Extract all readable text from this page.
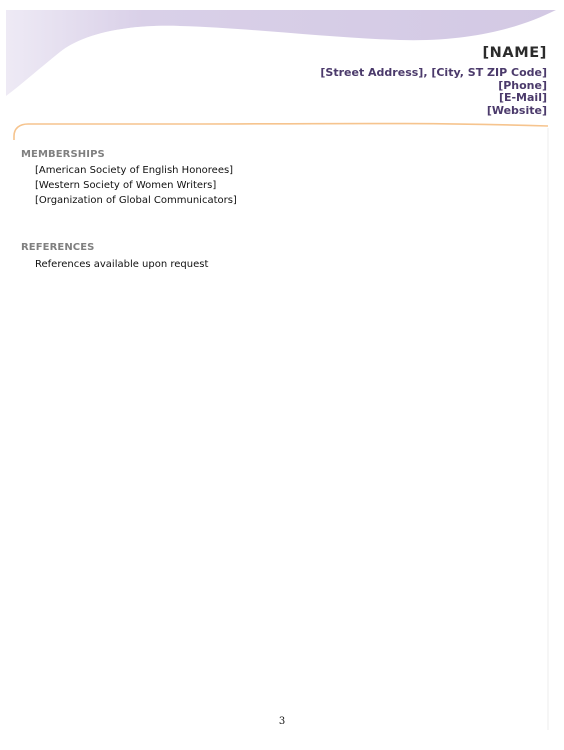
[NAME]
[Street Address], [City, ST ZIP Code]
[Phone]
[E-Mail]
[Website]
MEMBERSHIPS
[American Society of English Honorees]
[Western Society of Women Writers]
[Organization of Global Communicators]
REFERENCES
References available upon request
3
